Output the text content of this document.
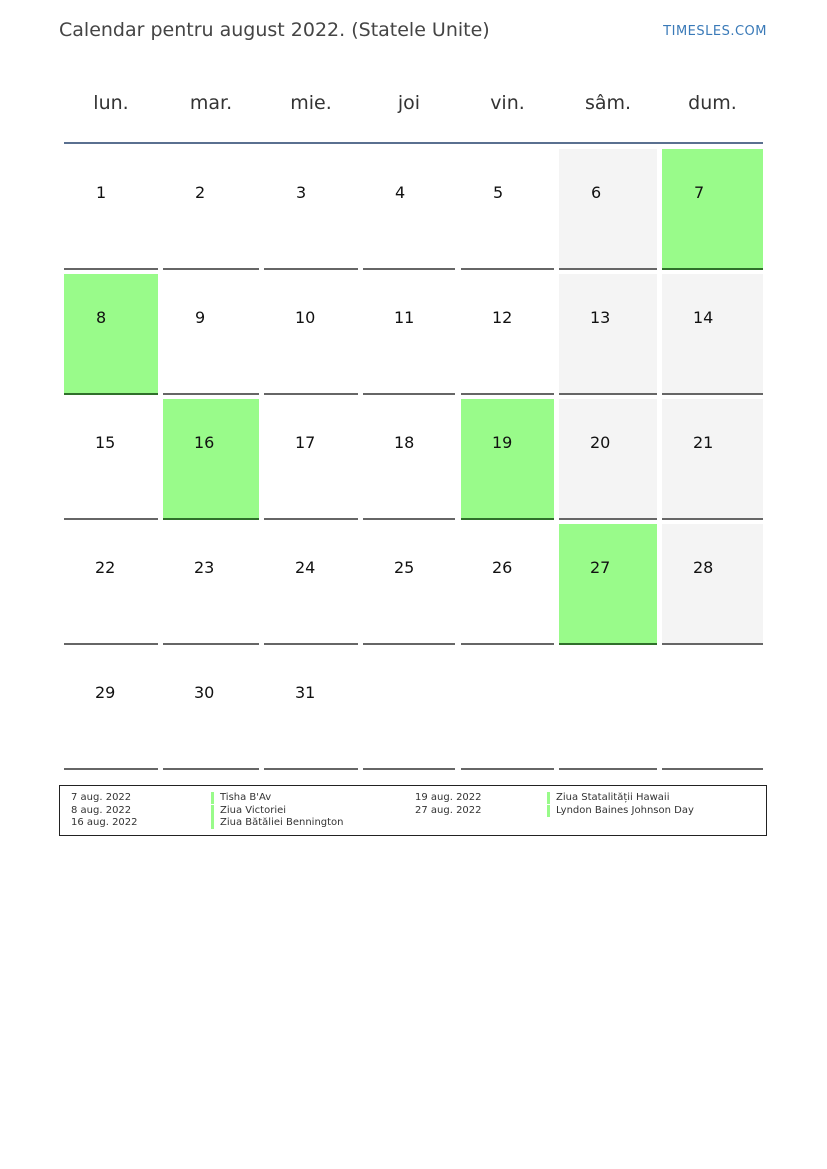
Calendar pentru august 2022. (Statele Unite)	TIMESLES.COM
lun.	mar.	mie.	joi	vin.	sâm.	dum.
1	2	3	4	5	6	7
8	9	10	11	12	13	14
15	16	17	18	19	20	21
22	23	24	25	26	27	28
29	30	31
7 aug. 2022	Tisha B'Av
8 aug. 2022	Ziua Victoriei
16 aug. 2022	Ziua Bătăliei Bennington
19 aug. 2022	Ziua Statalității Hawaii
27 aug. 2022	Lyndon Baines Johnson Day
